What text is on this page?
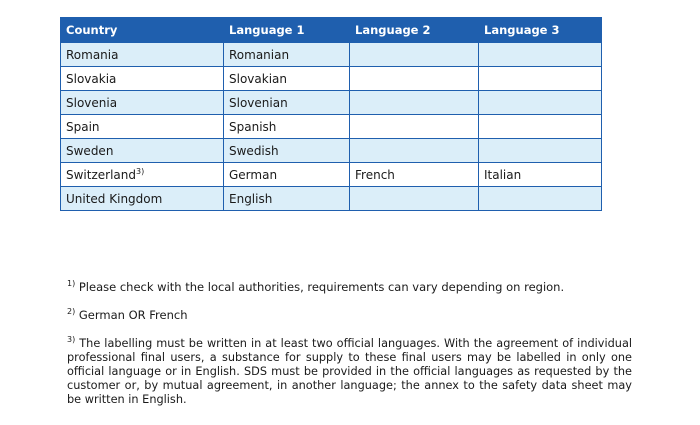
Country	Language 1	Language 2	Language 3
Romania	Romanian		
Slovakia	Slovakian		
Slovenia	Slovenian		
Spain	Spanish		
Sweden	Swedish		
Switzerland$^{3)}$	German	French	Italian
United Kingdom	English		

$^{1)}$ Please check with the local authorities, requirements can vary depending on region.

$^{2)}$ German OR French

$^{3)}$ The labelling must be written in at least two official languages. With the agreement of individual professional final users, a substance for supply to these final users may be labelled in only one official language or in English. SDS must be provided in the official languages as requested by the customer or, by mutual agreement, in another language; the annex to the safety data sheet may be written in English.
